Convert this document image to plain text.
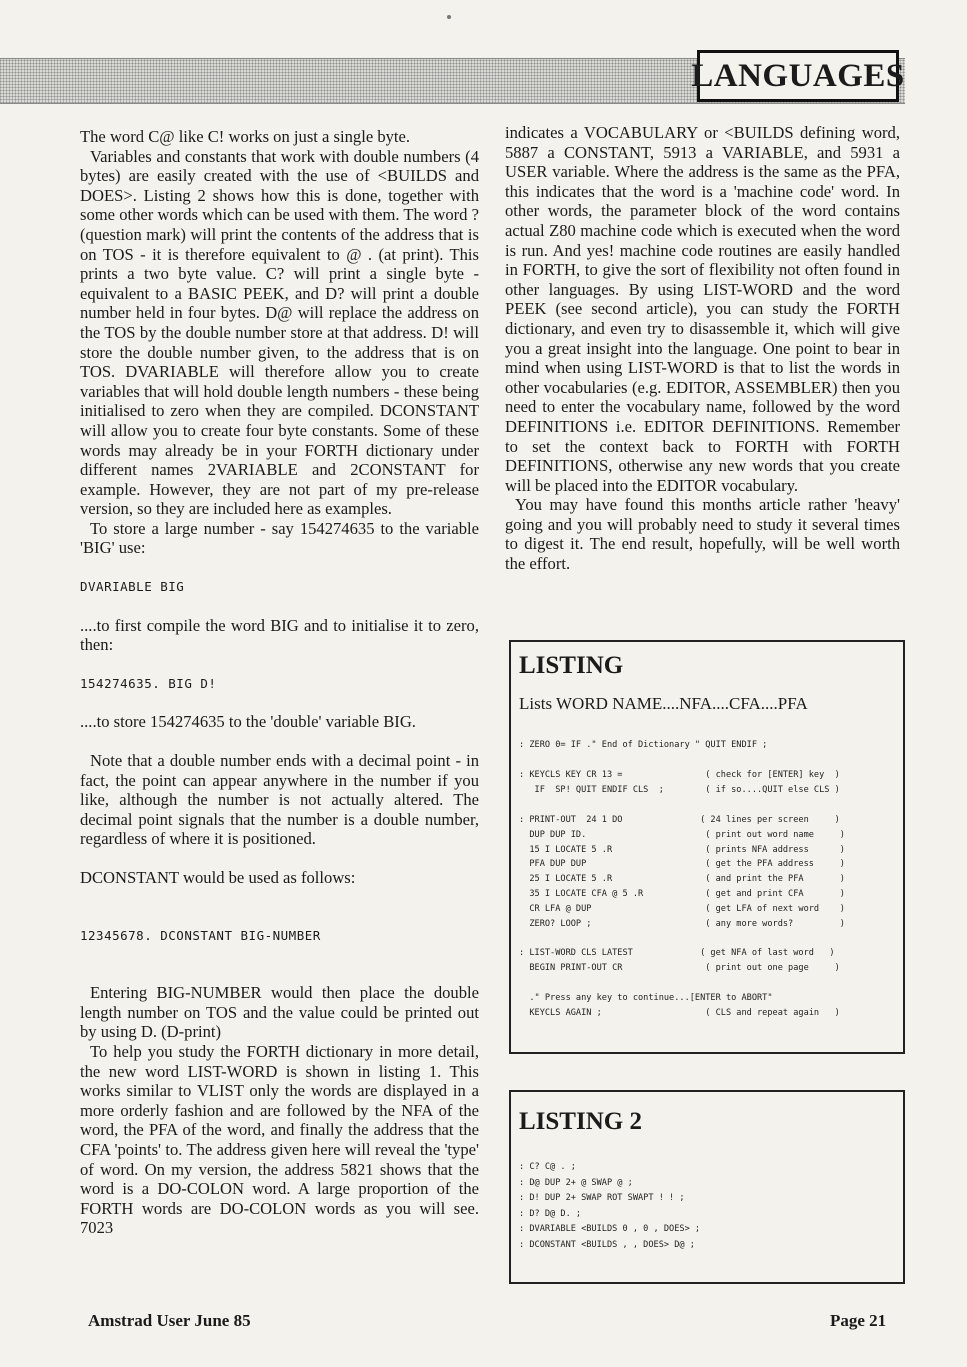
LANGUAGES

The word C@ like C! works on just a single byte.

Variables and constants that work with double numbers (4 bytes) are easily created with the use of <BUILDS and DOES>. Listing 2 shows how this is done, together with some other words which can be used with them. The word ? (question mark) will print the contents of the address that is on TOS - it is therefore equivalent to @ . (at print). This prints a two byte value. C? will print a single byte - equivalent to a BASIC PEEK, and D? will print a double number held in four bytes. D@ will replace the address on the TOS by the double number store at that address. D! will store the double number given, to the address that is on TOS. DVARIABLE will therefore allow you to create variables that will hold double length numbers - these being initialised to zero when they are compiled. DCONSTANT will allow you to create four byte constants. Some of these words may already be in your FORTH dictionary under different names 2VARIABLE and 2CONSTANT for example. However, they are not part of my pre-release version, so they are included here as examples.

To store a large number - say 154274635 to the variable 'BIG' use:

DVARIABLE BIG

....to first compile the word BIG and to initialise it to zero, then:

154274635. BIG D!

....to store 154274635 to the 'double' variable BIG.

Note that a double number ends with a decimal point - in fact, the point can appear anywhere in the number if you like, although the number is not actually altered. The decimal point signals that the number is a double number, regardless of where it is positioned.

DCONSTANT would be used as follows:

12345678. DCONSTANT BIG-NUMBER

Entering BIG-NUMBER would then place the double length number on TOS and the value could be printed out by using D. (D-print)

To help you study the FORTH dictionary in more detail, the new word LIST-WORD is shown in listing 1. This works similar to VLIST only the words are displayed in a more orderly fashion and are followed by the NFA of the word, the PFA of the word, and finally the address that the CFA 'points' to. The address given here will reveal the 'type' of word. On my version, the address 5821 shows that the word is a DO-COLON word. A large proportion of the FORTH words are DO-COLON words as you will see. 7023

indicates a VOCABULARY or <BUILDS defining word, 5887 a CONSTANT, 5913 a VARIABLE, and 5931 a USER variable. Where the address is the same as the PFA, this indicates that the word is a 'machine code' word. In other words, the parameter block of the word contains actual Z80 machine code which is executed when the word is run. And yes! machine code routines are easily handled in FORTH, to give the sort of flexibility not often found in other languages. By using LIST-WORD and the word PEEK (see second article), you can study the FORTH dictionary, and even try to disassemble it, which will give you a great insight into the language. One point to bear in mind when using LIST-WORD is that to list the words in other vocabularies (e.g. EDITOR, ASSEMBLER) then you need to enter the vocabulary name, followed by the word DEFINITIONS i.e. EDITOR DEFINITIONS. Remember to set the context back to FORTH with FORTH DEFINITIONS, otherwise any new words that you create will be placed into the EDITOR vocabulary.

You may have found this months article rather 'heavy' going and you will probably need to study it several times to digest it. The end result, hopefully, will be well worth the effort.

LISTING
Lists WORD NAME....NFA....CFA....PFA
: ZERO 0= IF ." End of Dictionary " QUIT ENDIF ;
: KEYCLS KEY CR 13 =                ( check for [ENTER] key  )
IF  SP! QUIT ENDIF CLS  ;        ( if so....QUIT else CLS )
: PRINT-OUT  24 1 DO               ( 24 lines per screen     )
DUP DUP ID.                       ( print out word name     )
15 I LOCATE 5 .R                  ( prints NFA address      )
PFA DUP DUP                       ( get the PFA address     )
25 I LOCATE 5 .R                  ( and print the PFA       )
35 I LOCATE CFA @ 5 .R            ( get and print CFA       )
CR LFA @ DUP                      ( get LFA of next word    )
ZERO? LOOP ;                      ( any more words?         )
: LIST-WORD CLS LATEST             ( get NFA of last word   )
BEGIN PRINT-OUT CR                ( print out one page     )
." Press any key to continue...[ENTER to ABORT"
KEYCLS AGAIN ;                    ( CLS and repeat again   )
LISTING 2
: C? C@ . ;
: D@ DUP 2+ @ SWAP @ ;
: D! DUP 2+ SWAP ROT SWAPT ! ! ;
: D? D@ D. ;
: DVARIABLE <BUILDS 0 , 0 , DOES> ;
: DCONSTANT <BUILDS , , DOES> D@ ;
Amstrad User June 85	Page 21
